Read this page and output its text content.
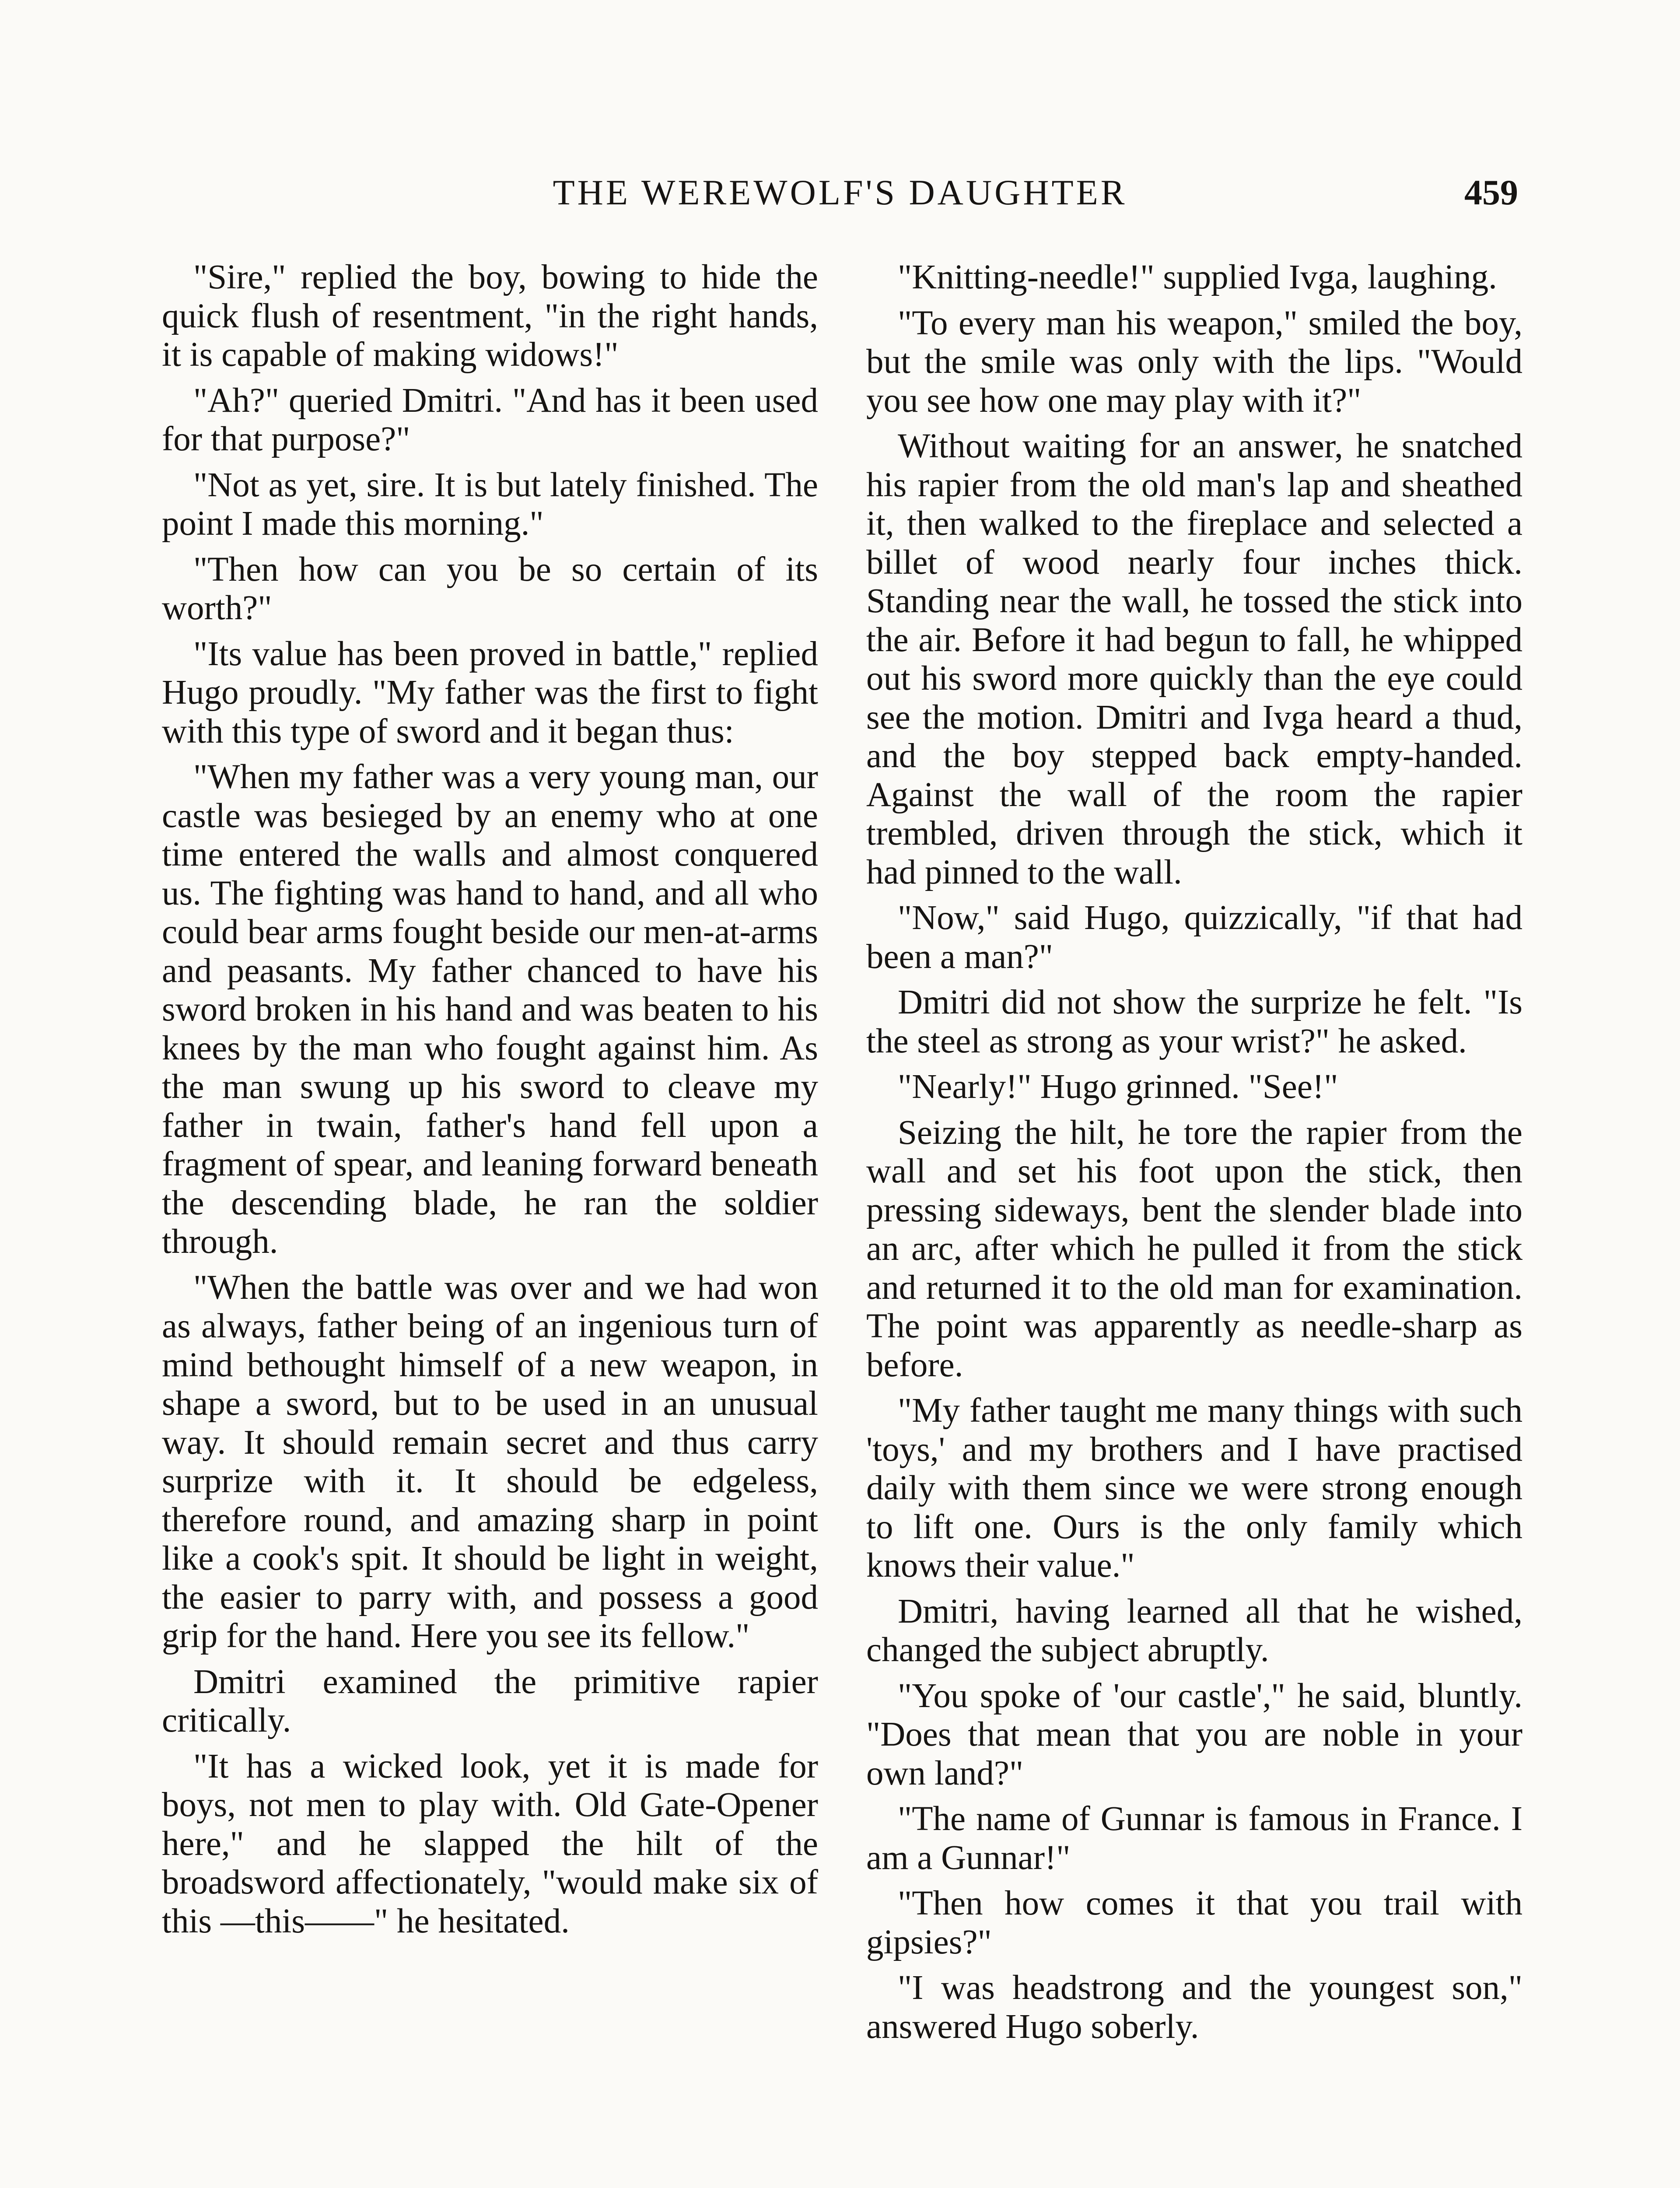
THE WEREWOLF'S DAUGHTER	459

"Sire," replied the boy, bowing to hide the quick flush of resentment, "in the right hands, it is capable of making widows!"

"Ah?" queried Dmitri. "And has it been used for that purpose?"

"Not as yet, sire. It is but lately finished. The point I made this morning."

"Then how can you be so certain of its worth?"

"Its value has been proved in battle," replied Hugo proudly. "My father was the first to fight with this type of sword and it began thus:

"When my father was a very young man, our castle was besieged by an enemy who at one time entered the walls and almost conquered us. The fighting was hand to hand, and all who could bear arms fought beside our men-at-arms and peasants. My father chanced to have his sword broken in his hand and was beaten to his knees by the man who fought against him. As the man swung up his sword to cleave my father in twain, father's hand fell upon a fragment of spear, and leaning forward beneath the descending blade, he ran the soldier through.

"When the battle was over and we had won as always, father being of an ingenious turn of mind bethought himself of a new weapon, in shape a sword, but to be used in an unusual way. It should remain secret and thus carry surprize with it. It should be edgeless, therefore round, and amazing sharp in point like a cook's spit. It should be light in weight, the easier to parry with, and possess a good grip for the hand. Here you see its fellow."

Dmitri examined the primitive rapier critically.

"It has a wicked look, yet it is made for boys, not men to play with. Old Gate-Opener here," and he slapped the hilt of the broadsword affectionately, "would make six of this —this——" he hesitated.

"Knitting-needle!" supplied Ivga, laughing.

"To every man his weapon," smiled the boy, but the smile was only with the lips. "Would you see how one may play with it?"

Without waiting for an answer, he snatched his rapier from the old man's lap and sheathed it, then walked to the fireplace and selected a billet of wood nearly four inches thick. Standing near the wall, he tossed the stick into the air. Before it had begun to fall, he whipped out his sword more quickly than the eye could see the motion. Dmitri and Ivga heard a thud, and the boy stepped back empty-handed. Against the wall of the room the rapier trembled, driven through the stick, which it had pinned to the wall.

"Now," said Hugo, quizzically, "if that had been a man?"

Dmitri did not show the surprize he felt. "Is the steel as strong as your wrist?" he asked.

"Nearly!" Hugo grinned. "See!"

Seizing the hilt, he tore the rapier from the wall and set his foot upon the stick, then pressing sideways, bent the slender blade into an arc, after which he pulled it from the stick and returned it to the old man for examination. The point was apparently as needle-sharp as before.

"My father taught me many things with such 'toys,' and my brothers and I have practised daily with them since we were strong enough to lift one. Ours is the only family which knows their value."

Dmitri, having learned all that he wished, changed the subject abruptly.

"You spoke of 'our castle'," he said, bluntly. "Does that mean that you are noble in your own land?"

"The name of Gunnar is famous in France. I am a Gunnar!"

"Then how comes it that you trail with gipsies?"

"I was headstrong and the youngest son," answered Hugo soberly.
